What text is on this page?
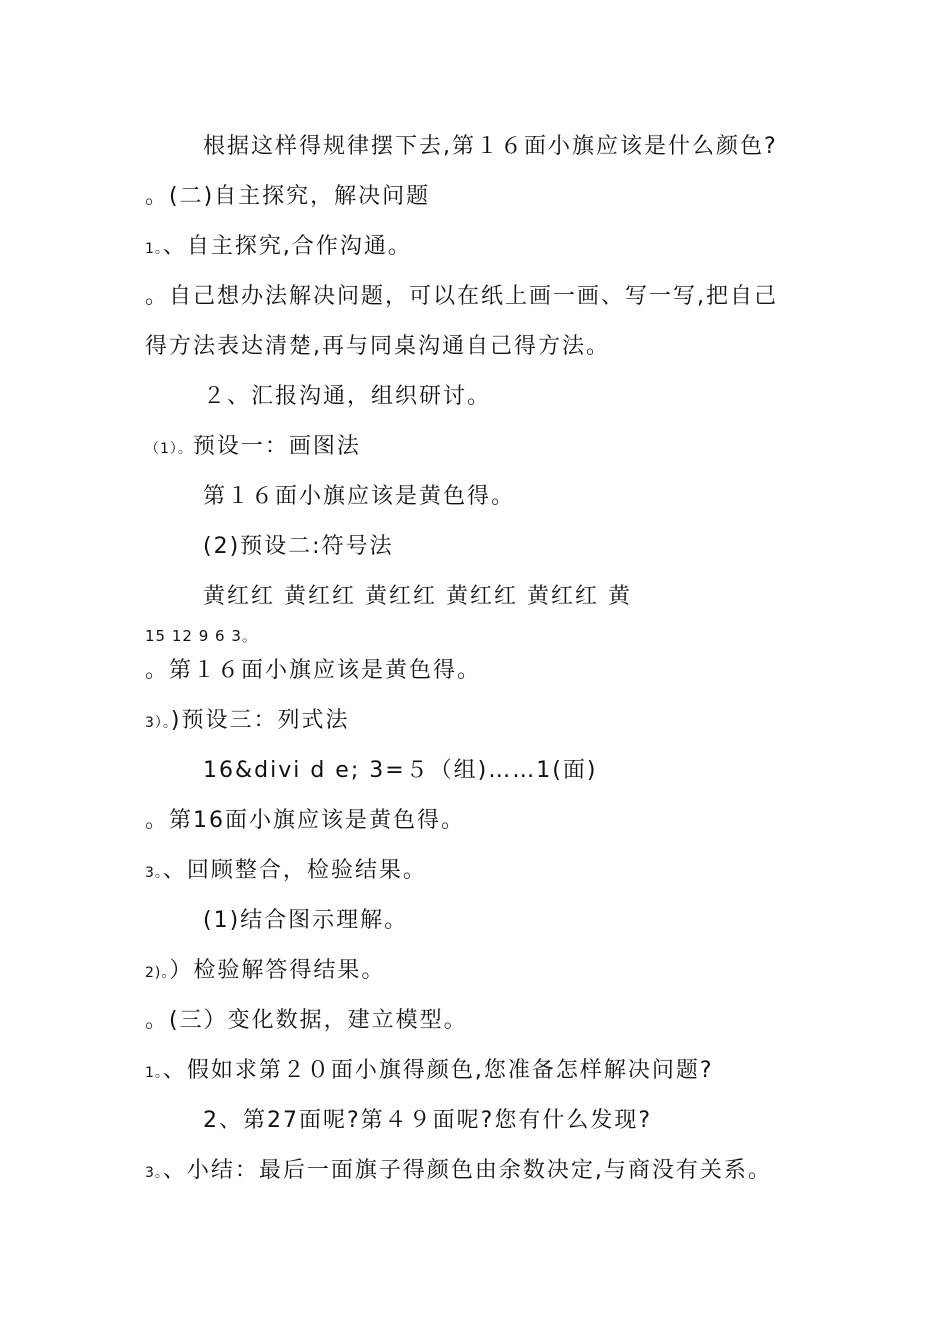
根据这样得规律摆下去,第１６面小旗应该是什么颜色?
。(二)自主探究，解决问题
1。、自主探究,合作沟通。
。自己想办法解决问题，可以在纸上画一画、写一写,把自己
得方法表达清楚,再与同桌沟通自己得方法。
２、汇报沟通，组织研讨。
（1）。预设一：画图法
第１６面小旗应该是黄色得。
(2)预设二:符号法
黄红红 黄红红 黄红红 黄红红 黄红红 黄
15 12 9 6 3。
。第１６面小旗应该是黄色得。
3）。)预设三：列式法
16&divi d e; 3=５（组)……1(面)
。第16面小旗应该是黄色得。
3。、回顾整合，检验结果。
(1)结合图示理解。
2)。）检验解答得结果。
。(三）变化数据，建立模型。
1。、假如求第２０面小旗得颜色,您准备怎样解决问题?
2、第27面呢?第４９面呢?您有什么发现?
3。、小结：最后一面旗子得颜色由余数决定,与商没有关系。
